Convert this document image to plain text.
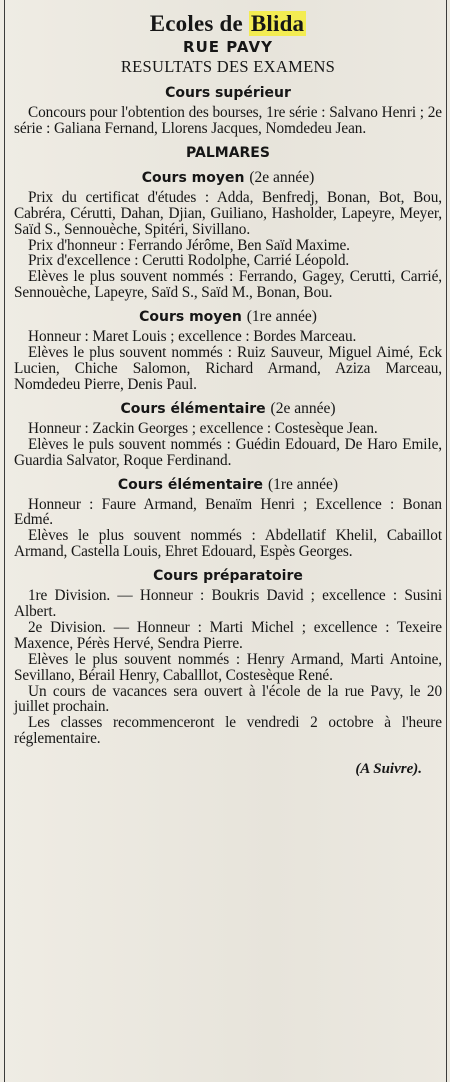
Ecoles de Blida
RUE PAVY
RESULTATS DES EXAMENS
Cours supérieur

Concours pour l'obtention des bourses, 1re série : Salvano Henri ; 2e série : Galiana Fernand, Llorens Jacques, Nomdedeu Jean.

PALMARES
Cours moyen (2e année)

Prix du certificat d'études : Adda, Benfredj, Bonan, Bot, Bou, Cabréra, Cérutti, Dahan, Djian, Guiliano, Hasholder, Lapeyre, Meyer, Saïd S., Sennouèche, Spitéri, Sivillano.

Prix d'honneur : Ferrando Jérôme, Ben Saïd Maxime.

Prix d'excellence : Cerutti Rodolphe, Carrié Léopold.

Elèves le plus souvent nommés : Ferrando, Gagey, Cerutti, Carrié, Sennouèche, Lapeyre, Saïd S., Saïd M., Bonan, Bou.

Cours moyen (1re année)

Honneur : Maret Louis ; excellence : Bordes Marceau.

Elèves le plus souvent nommés : Ruiz Sauveur, Miguel Aimé, Eck Lucien, Chiche Salomon, Richard Armand, Aziza Marceau, Nomdedeu Pierre, Denis Paul.

Cours élémentaire (2e année)

Honneur : Zackin Georges ; excellence : Costesèque Jean.

Elèves le puls souvent nommés : Guédin Edouard, De Haro Emile, Guardia Salvator, Roque Ferdinand.

Cours élémentaire (1re année)

Honneur : Faure Armand, Benaïm Henri ; Excellence : Bonan Edmé.

Elèves le plus souvent nommés : Abdellatif Khelil, Cabaillot Armand, Castella Louis, Ehret Edouard, Espès Georges.

Cours préparatoire

1re Division. — Honneur : Boukris David ; excellence : Susini Albert.

2e Division. — Honneur : Marti Michel ; excellence : Texeire Maxence, Pérès Hervé, Sendra Pierre.

Elèves le plus souvent nommés : Henry Armand, Marti Antoine, Sevillano, Bérail Henry, Caballlot, Costesèque René.

Un cours de vacances sera ouvert à l'école de la rue Pavy, le 20 juillet prochain.

Les classes recommenceront le vendredi 2 octobre à l'heure réglementaire.

(A Suivre).
